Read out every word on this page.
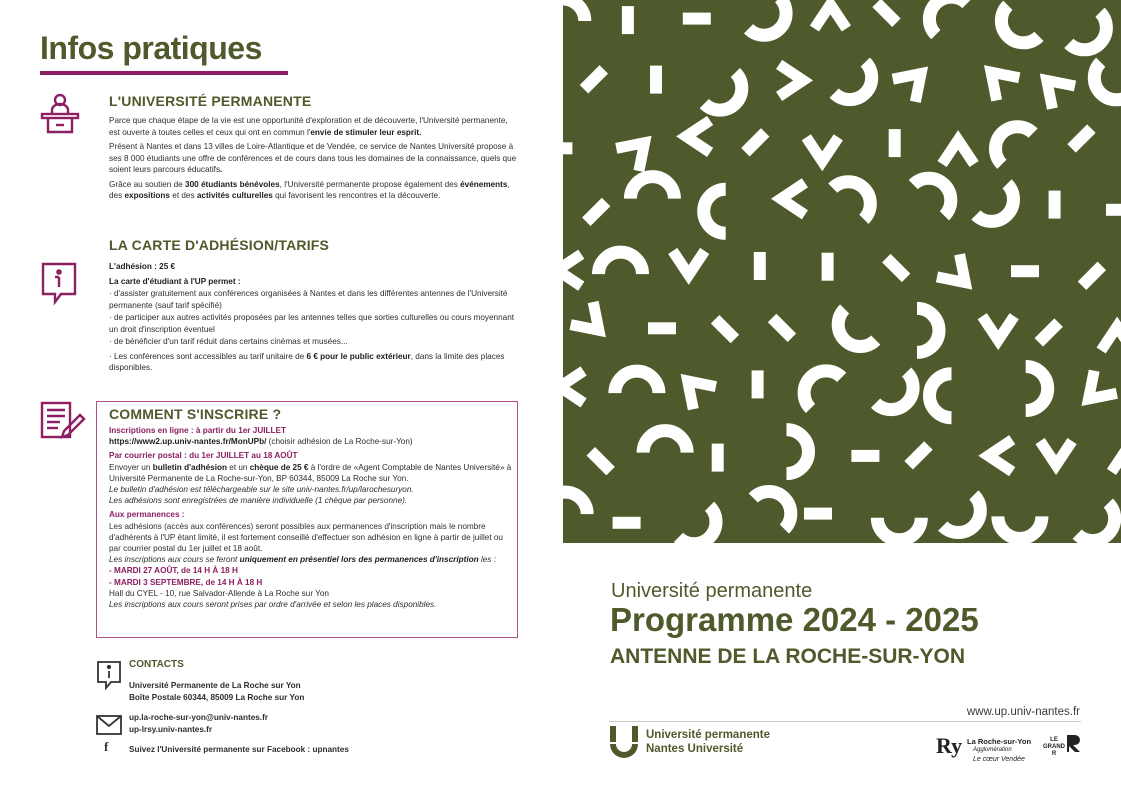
Infos pratiques
L'UNIVERSITÉ PERMANENTE

Parce que chaque étape de la vie est une opportunité d'exploration et de découverte, l'Université permanente, est ouverte à toutes celles et ceux qui ont en commun l'envie de stimuler leur esprit.

Présent à Nantes et dans 13 villes de Loire-Atlantique et de Vendée, ce service de Nantes Université propose à ses 8 000 étudiants une offre de conférences et de cours dans tous les domaines de la connaissance, quels que soient leurs parcours éducatifs.

Grâce au soutien de 300 étudiants bénévoles, l'Université permanente propose également des événements, des expositions et des activités culturelles qui favorisent les rencontres et la découverte.

LA CARTE D'ADHÉSION/TARIFS

L'adhésion : 25 €

La carte d'étudiant à l'UP permet :

· d'assister gratuitement aux conférences organisées à Nantes et dans les différentes antennes de l'Université permanente (sauf tarif spécifié)

· de participer aux autres activités proposées par les antennes telles que sorties culturelles ou cours moyennant un droit d'inscription éventuel

· de bénéficier d'un tarif réduit dans certains cinémas et musées...

· Les conférences sont accessibles au tarif unitaire de 6 € pour le public extérieur, dans la limite des places disponibles.

COMMENT S'INSCRIRE ?

Inscriptions en ligne : à partir du 1er JUILLET

https://www2.up.univ-nantes.fr/MonUPb/ (choisir adhésion de La Roche-sur-Yon)

Par courrier postal : du 1er JUILLET au 18 AOÛT

Envoyer un bulletin d'adhésion et un chèque de 25 € à l'ordre de «Agent Comptable de Nantes Université» à Université Permanente de La Roche-sur-Yon, BP 60344, 85009 La Roche sur Yon.

Le bulletin d'adhésion est téléchargeable sur le site univ-nantes.fr/up/larochesuryon.

Les adhésions sont enregistrées de manière individuelle (1 chèque par personne).

Aux permanences :

Les adhésions (accès aux conférences) seront possibles aux permanences d'inscription mais le nombre d'adhérents à l'UP étant limité, il est fortement conseillé d'effectuer son adhésion en ligne à partir de juillet ou par courrier postal du 1er juillet et 18 août.

Les inscriptions aux cours se feront uniquement en présentiel lors des permanences d'inscription les :

- MARDI 27 AOÛT, de 14 H À 18 H

- MARDI 3 SEPTEMBRE, de 14 H À 18 H

Hall du CYEL - 10, rue Salvador-Allende à La Roche sur Yon

Les inscriptions aux cours seront prises par ordre d'arrivée et selon les places disponibles.

CONTACTS
Université Permanente de La Roche sur Yon
Boîte Postale 60344, 85009 La Roche sur Yon
up.la-roche-sur-yon@univ-nantes.fr
up-lrsy.univ-nantes.fr
f	Suivez l'Université permanente sur Facebook : upnantes
Université permanente
Programme 2024 - 2025
ANTENNE DE LA ROCHE-SUR-YON
www.up.univ-nantes.fr
Université permanente
Nantes Université	Ry La Roche-sur-Yon
Agglomération
Le cœur Vendée
LE GRAND R
